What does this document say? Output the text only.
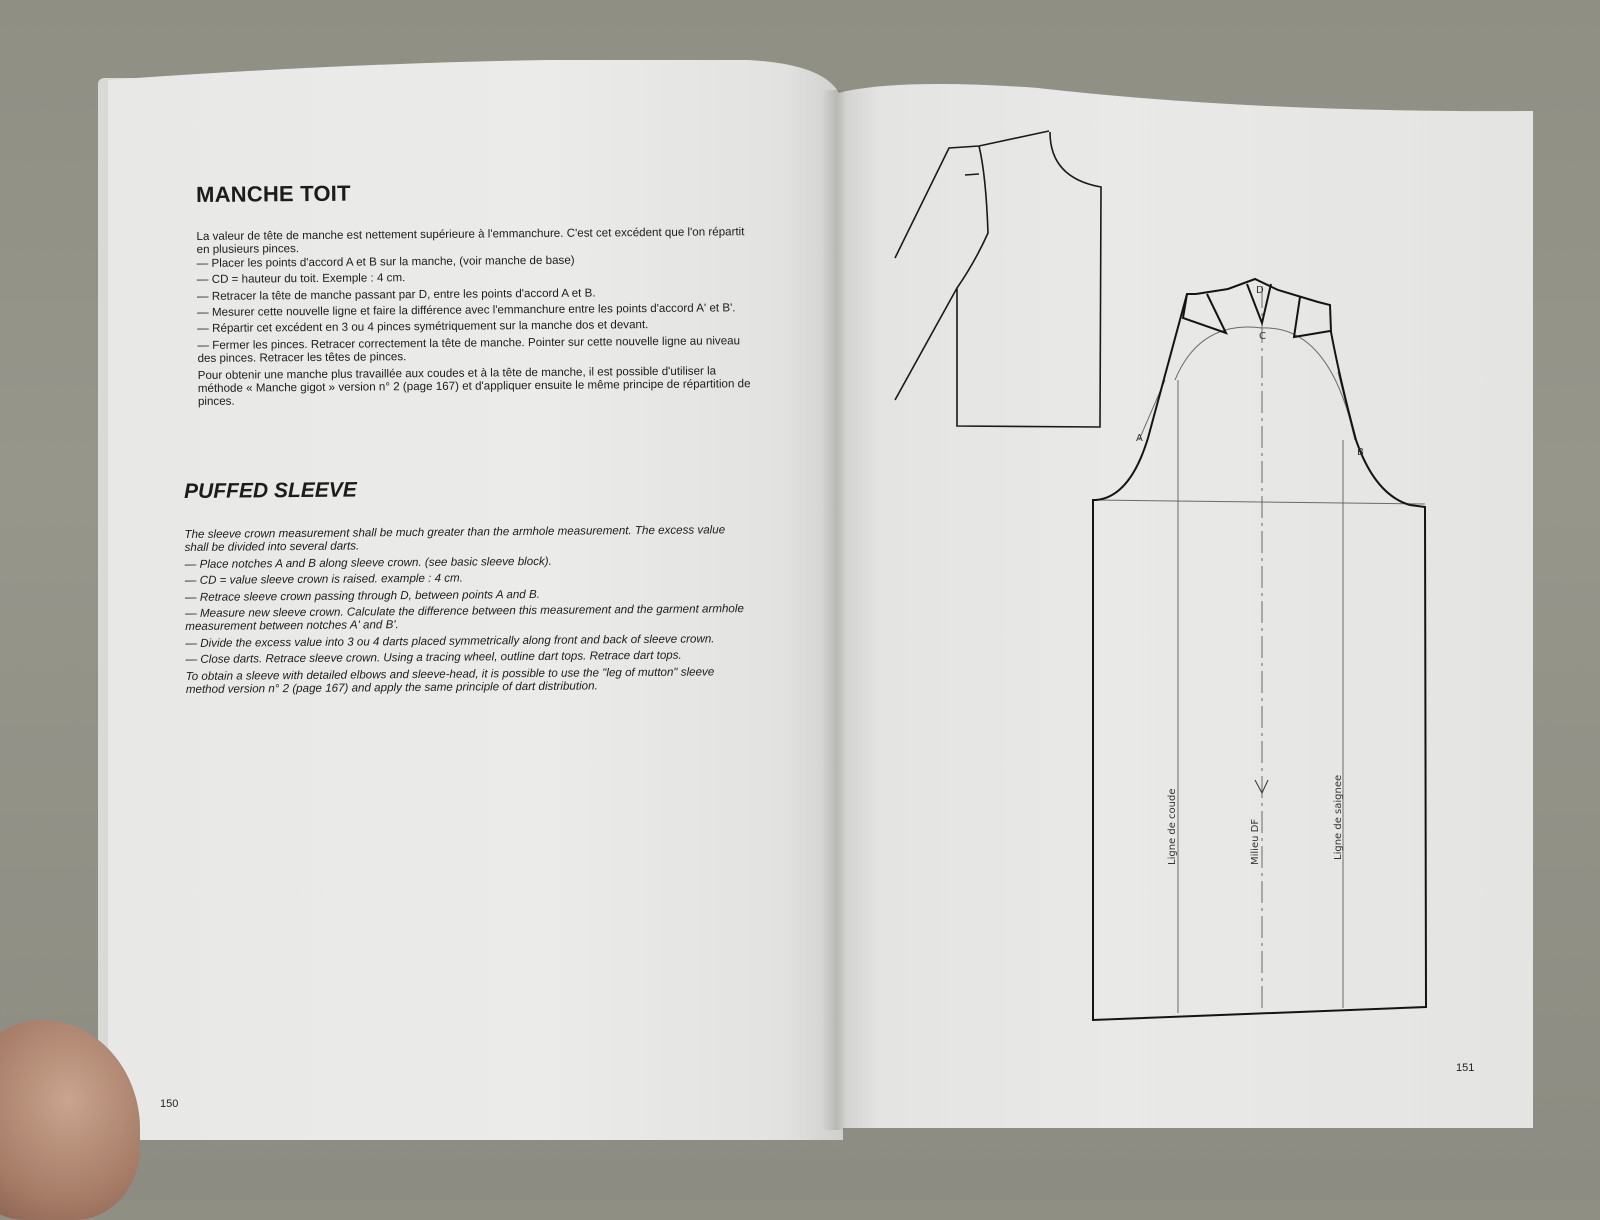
MANCHE TOIT

La valeur de tête de manche est nettement supérieure à l'emmanchure. C'est cet excédent que l'on répartit en plusieurs pinces.

— Placer les points d'accord A et B sur la manche, (voir manche de base)

— CD = hauteur du toit. Exemple : 4 cm.

— Retracer la tête de manche passant par D, entre les points d'accord A et B.

— Mesurer cette nouvelle ligne et faire la différence avec l'emmanchure entre les points d'accord A' et B'.

— Répartir cet excédent en 3 ou 4 pinces symétriquement sur la manche dos et devant.

— Fermer les pinces. Retracer correctement la tête de manche. Pointer sur cette nouvelle ligne au niveau des pinces. Retracer les têtes de pinces.

Pour obtenir une manche plus travaillée aux coudes et à la tête de manche, il est possible d'utiliser la méthode « Manche gigot » version n° 2 (page 167) et d'appliquer ensuite le même principe de répartition de pinces.

PUFFED SLEEVE

The sleeve crown measurement shall be much greater than the armhole measurement. The excess value shall be divided into several darts.

— Place notches A and B along sleeve crown. (see basic sleeve block).

— CD = value sleeve crown is raised. example : 4 cm.

— Retrace sleeve crown passing through D, between points A and B.

— Measure new sleeve crown. Calculate the difference between this measurement and the garment armhole measurement between notches A' and B'.

— Divide the excess value into 3 ou 4 darts placed symmetrically along front and back of sleeve crown.

— Close darts. Retrace sleeve crown. Using a tracing wheel, outline dart tops. Retrace dart tops.

To obtain a sleeve with detailed elbows and sleeve-head, it is possible to use the "leg of mutton" sleeve method version n° 2 (page 167) and apply the same principle of dart distribution.

150
151
A
B
C
D
Ligne de coude	Milieu DF	Ligne de saignee
